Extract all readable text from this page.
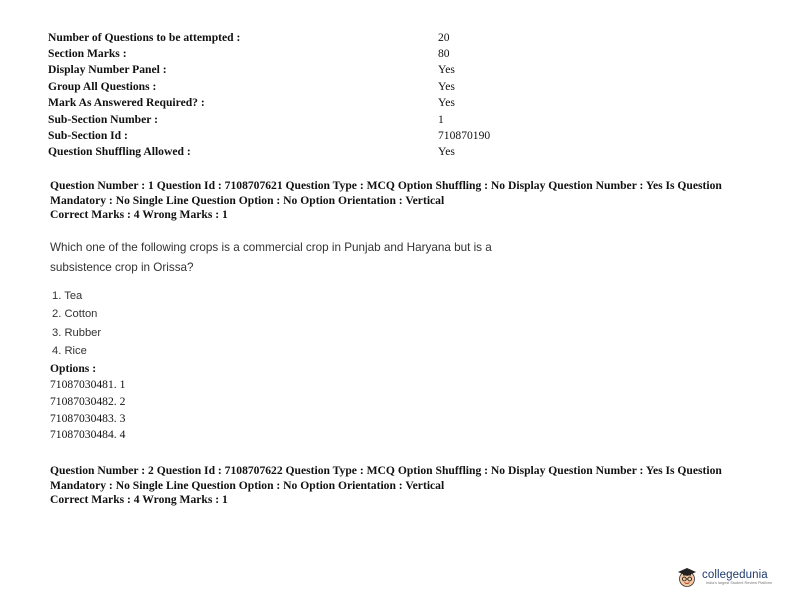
Number of Questions to be attempted :	20
Section Marks :	80
Display Number Panel :	Yes
Group All Questions :	Yes
Mark As Answered Required? :	Yes
Sub-Section Number :	1
Sub-Section Id :	710870190
Question Shuffling Allowed :	Yes
Question Number : 1 Question Id : 7108707621 Question Type : MCQ Option Shuffling : No Display Question Number : Yes Is Question
Mandatory : No Single Line Question Option : No Option Orientation : Vertical
Correct Marks : 4 Wrong Marks : 1
Which one of the following crops is a commercial crop in Punjab and Haryana but is a
subsistence crop in Orissa?
1. Tea
2. Cotton
3. Rubber
4. Rice
Options :
71087030481. 1
71087030482. 2
71087030483. 3
71087030484. 4
Question Number : 2 Question Id : 7108707622 Question Type : MCQ Option Shuffling : No Display Question Number : Yes Is Question
Mandatory : No Single Line Question Option : No Option Orientation : Vertical
Correct Marks : 4 Wrong Marks : 1
collegedunia
India's largest Student Review Platform
